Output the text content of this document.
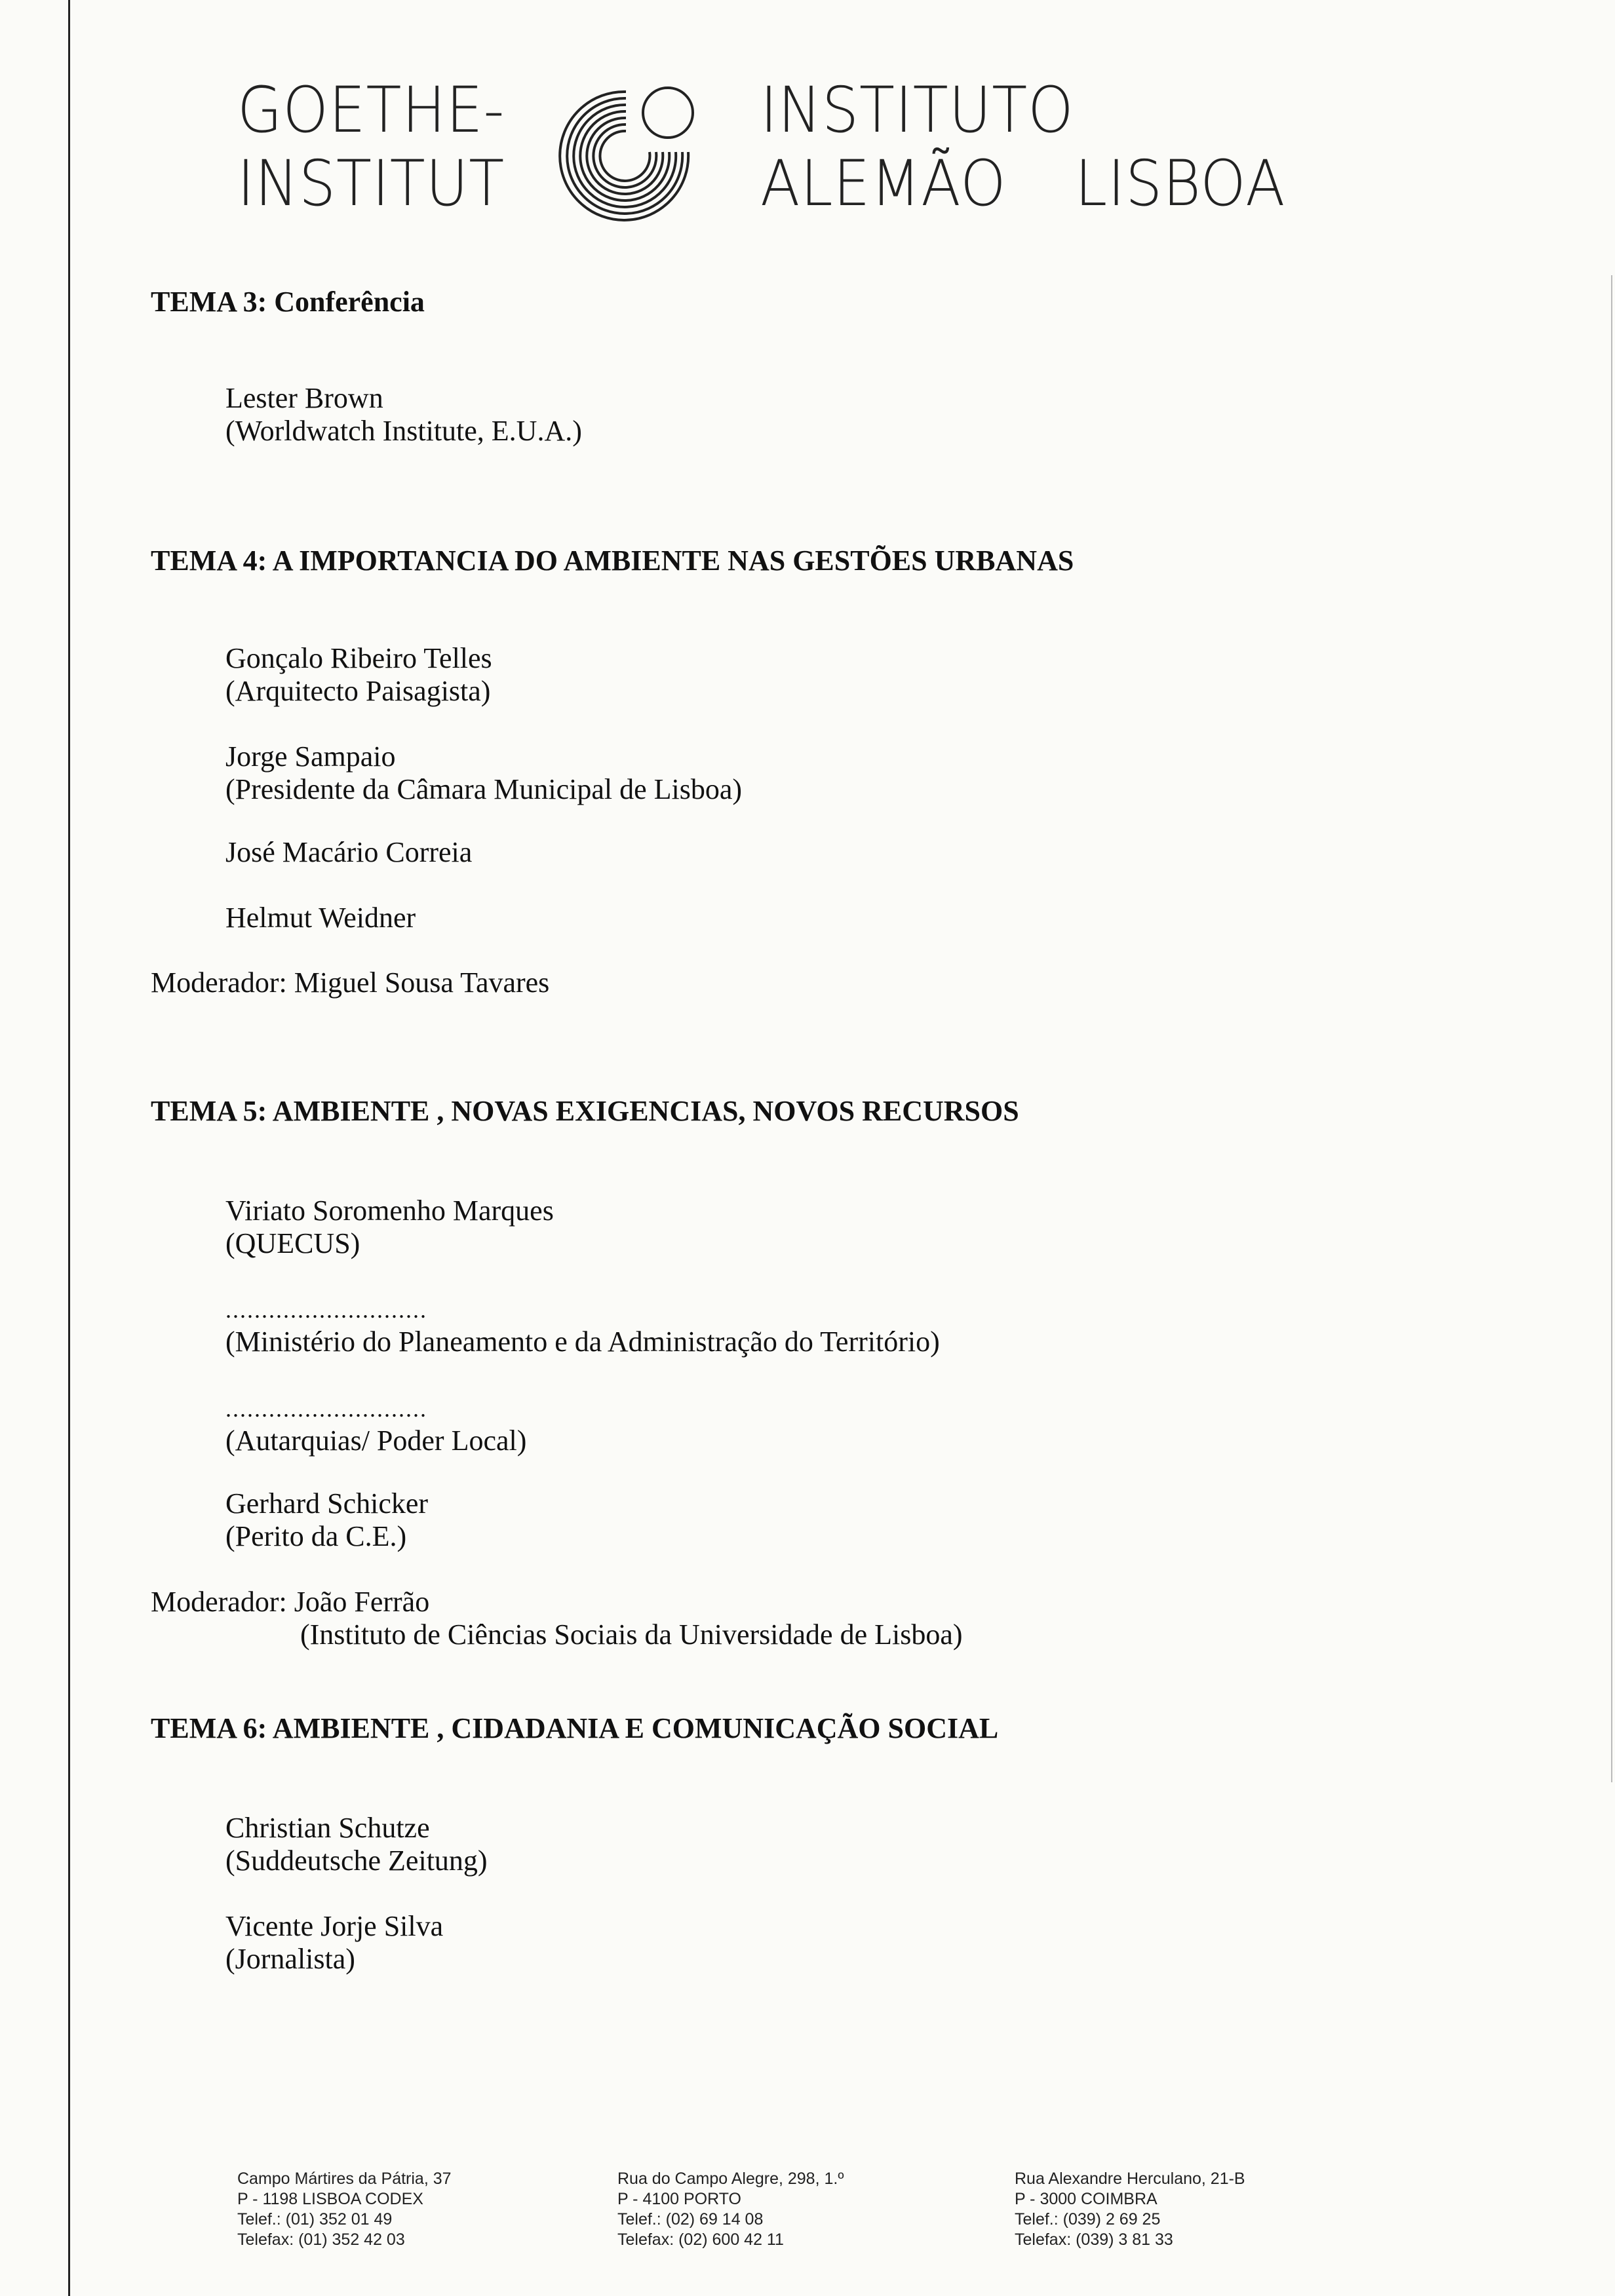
GOETHE-
INSTITUT
INSTITUTO
ALEMÃO LISBOA
TEMA 3: Conferência
Lester Brown
(Worldwatch Institute, E.U.A.)
TEMA 4: A IMPORTANCIA DO AMBIENTE NAS GESTÕES URBANAS
Gonçalo Ribeiro Telles
(Arquitecto Paisagista)
Jorge Sampaio
(Presidente da Câmara Municipal de Lisboa)
José Macário Correia
Helmut Weidner
Moderador: Miguel Sousa Tavares
TEMA 5: AMBIENTE , NOVAS EXIGENCIAS, NOVOS RECURSOS
Viriato Soromenho Marques
(QUECUS)
............................
(Ministério do Planeamento e da Administração do Território)
............................
(Autarquias/ Poder Local)
Gerhard Schicker
(Perito da C.E.)
Moderador: João Ferrão
(Instituto de Ciências Sociais da Universidade de Lisboa)
TEMA 6: AMBIENTE , CIDADANIA E COMUNICAÇÃO SOCIAL
Christian Schutze
(Suddeutsche Zeitung)
Vicente Jorje Silva
(Jornalista)
Campo Mártires da Pátria, 37
P - 1198 LISBOA CODEX
Telef.: (01) 352 01 49
Telefax: (01) 352 42 03
Rua do Campo Alegre, 298, 1.º
P - 4100 PORTO
Telef.: (02) 69 14 08
Telefax: (02) 600 42 11
Rua Alexandre Herculano, 21-B
P - 3000 COIMBRA
Telef.: (039) 2 69 25
Telefax: (039) 3 81 33
